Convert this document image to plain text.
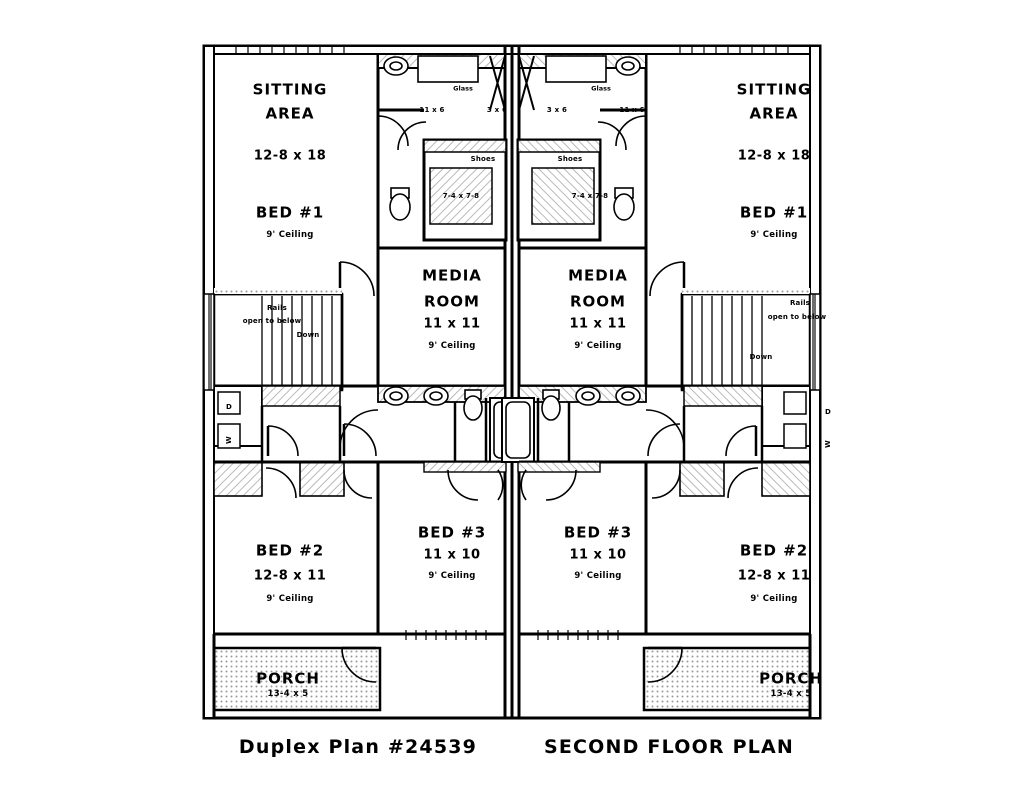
SITTING
AREA
12-8 x 18
BED #1
9' Ceiling
Glass
11 x 6	3 x 6
Shoes
7-4 x 7-8
MEDIA
ROOM
11 x 11
9' Ceiling
Rails
open to below
Down
D
W
BED #2
12-8 x 11
9' Ceiling
BED #3
11 x 10
9' Ceiling
PORCH
13-4 x 5
SITTING
AREA
12-8 x 18
BED #1
9' Ceiling
Glass
11 x 6
3 x 6
Shoes
7-4 x 7-8
MEDIA
ROOM
11 x 11
9' Ceiling
Rails
open to below
Down
D
W
BED #2
12-8 x 11
9' Ceiling
BED #3
11 x 10
9' Ceiling
PORCH
13-4 x 5
Duplex Plan #24539	SECOND FLOOR PLAN
